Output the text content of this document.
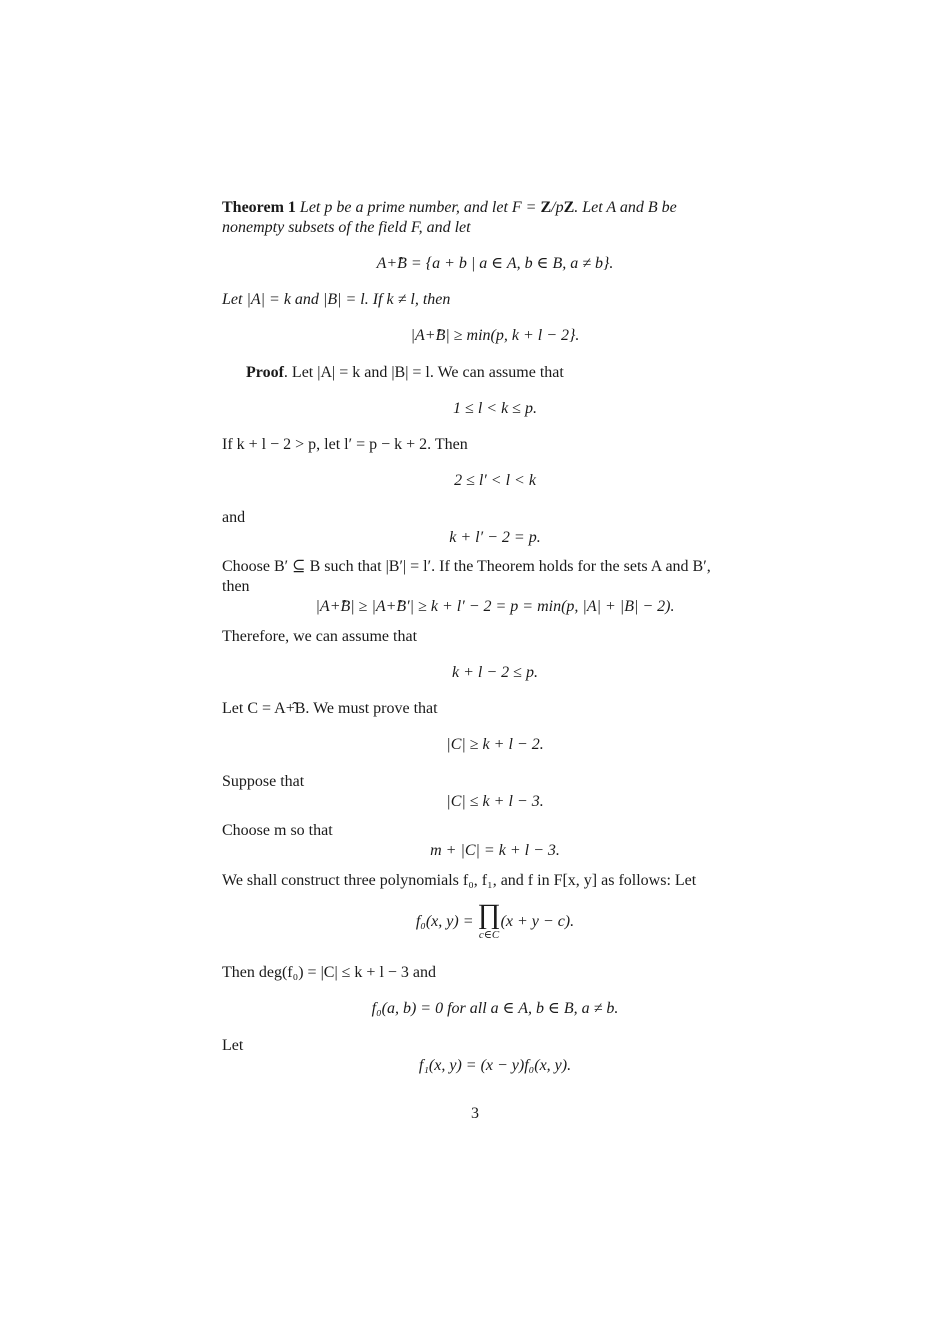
Theorem 1 Let p be a prime number, and let F = Z/pZ. Let A and B be
nonempty subsets of the field F, and let
A+̂B = {a + b | a ∈ A, b ∈ B, a ≠ b}.
Let |A| = k and |B| = l. If k ≠ l, then
|A+̂B| ≥ min(p, k + l − 2}.
Proof. Let |A| = k and |B| = l. We can assume that
1 ≤ l < k ≤ p.
If k + l − 2 > p, let l′ = p − k + 2. Then
2 ≤ l′ < l < k
and
k + l′ − 2 = p.
Choose B′ ⊆ B such that |B′| = l′. If the Theorem holds for the sets A and B′,
then
|A+̂B| ≥ |A+̂B′| ≥ k + l′ − 2 = p = min(p, |A| + |B| − 2).
Therefore, we can assume that
k + l − 2 ≤ p.
Let C = A+̂B. We must prove that
|C| ≥ k + l − 2.
Suppose that
|C| ≤ k + l − 3.
Choose m so that
m + |C| = k + l − 3.
We shall construct three polynomials f₀, f₁, and f in F[x, y] as follows: Let
f₀(x, y) = ∏
c∈C
(x + y − c).
Then deg(f₀) = |C| ≤ k + l − 3 and
f₀(a, b) = 0 for all a ∈ A, b ∈ B, a ≠ b.
Let
f₁(x, y) = (x − y)f₀(x, y).
3
